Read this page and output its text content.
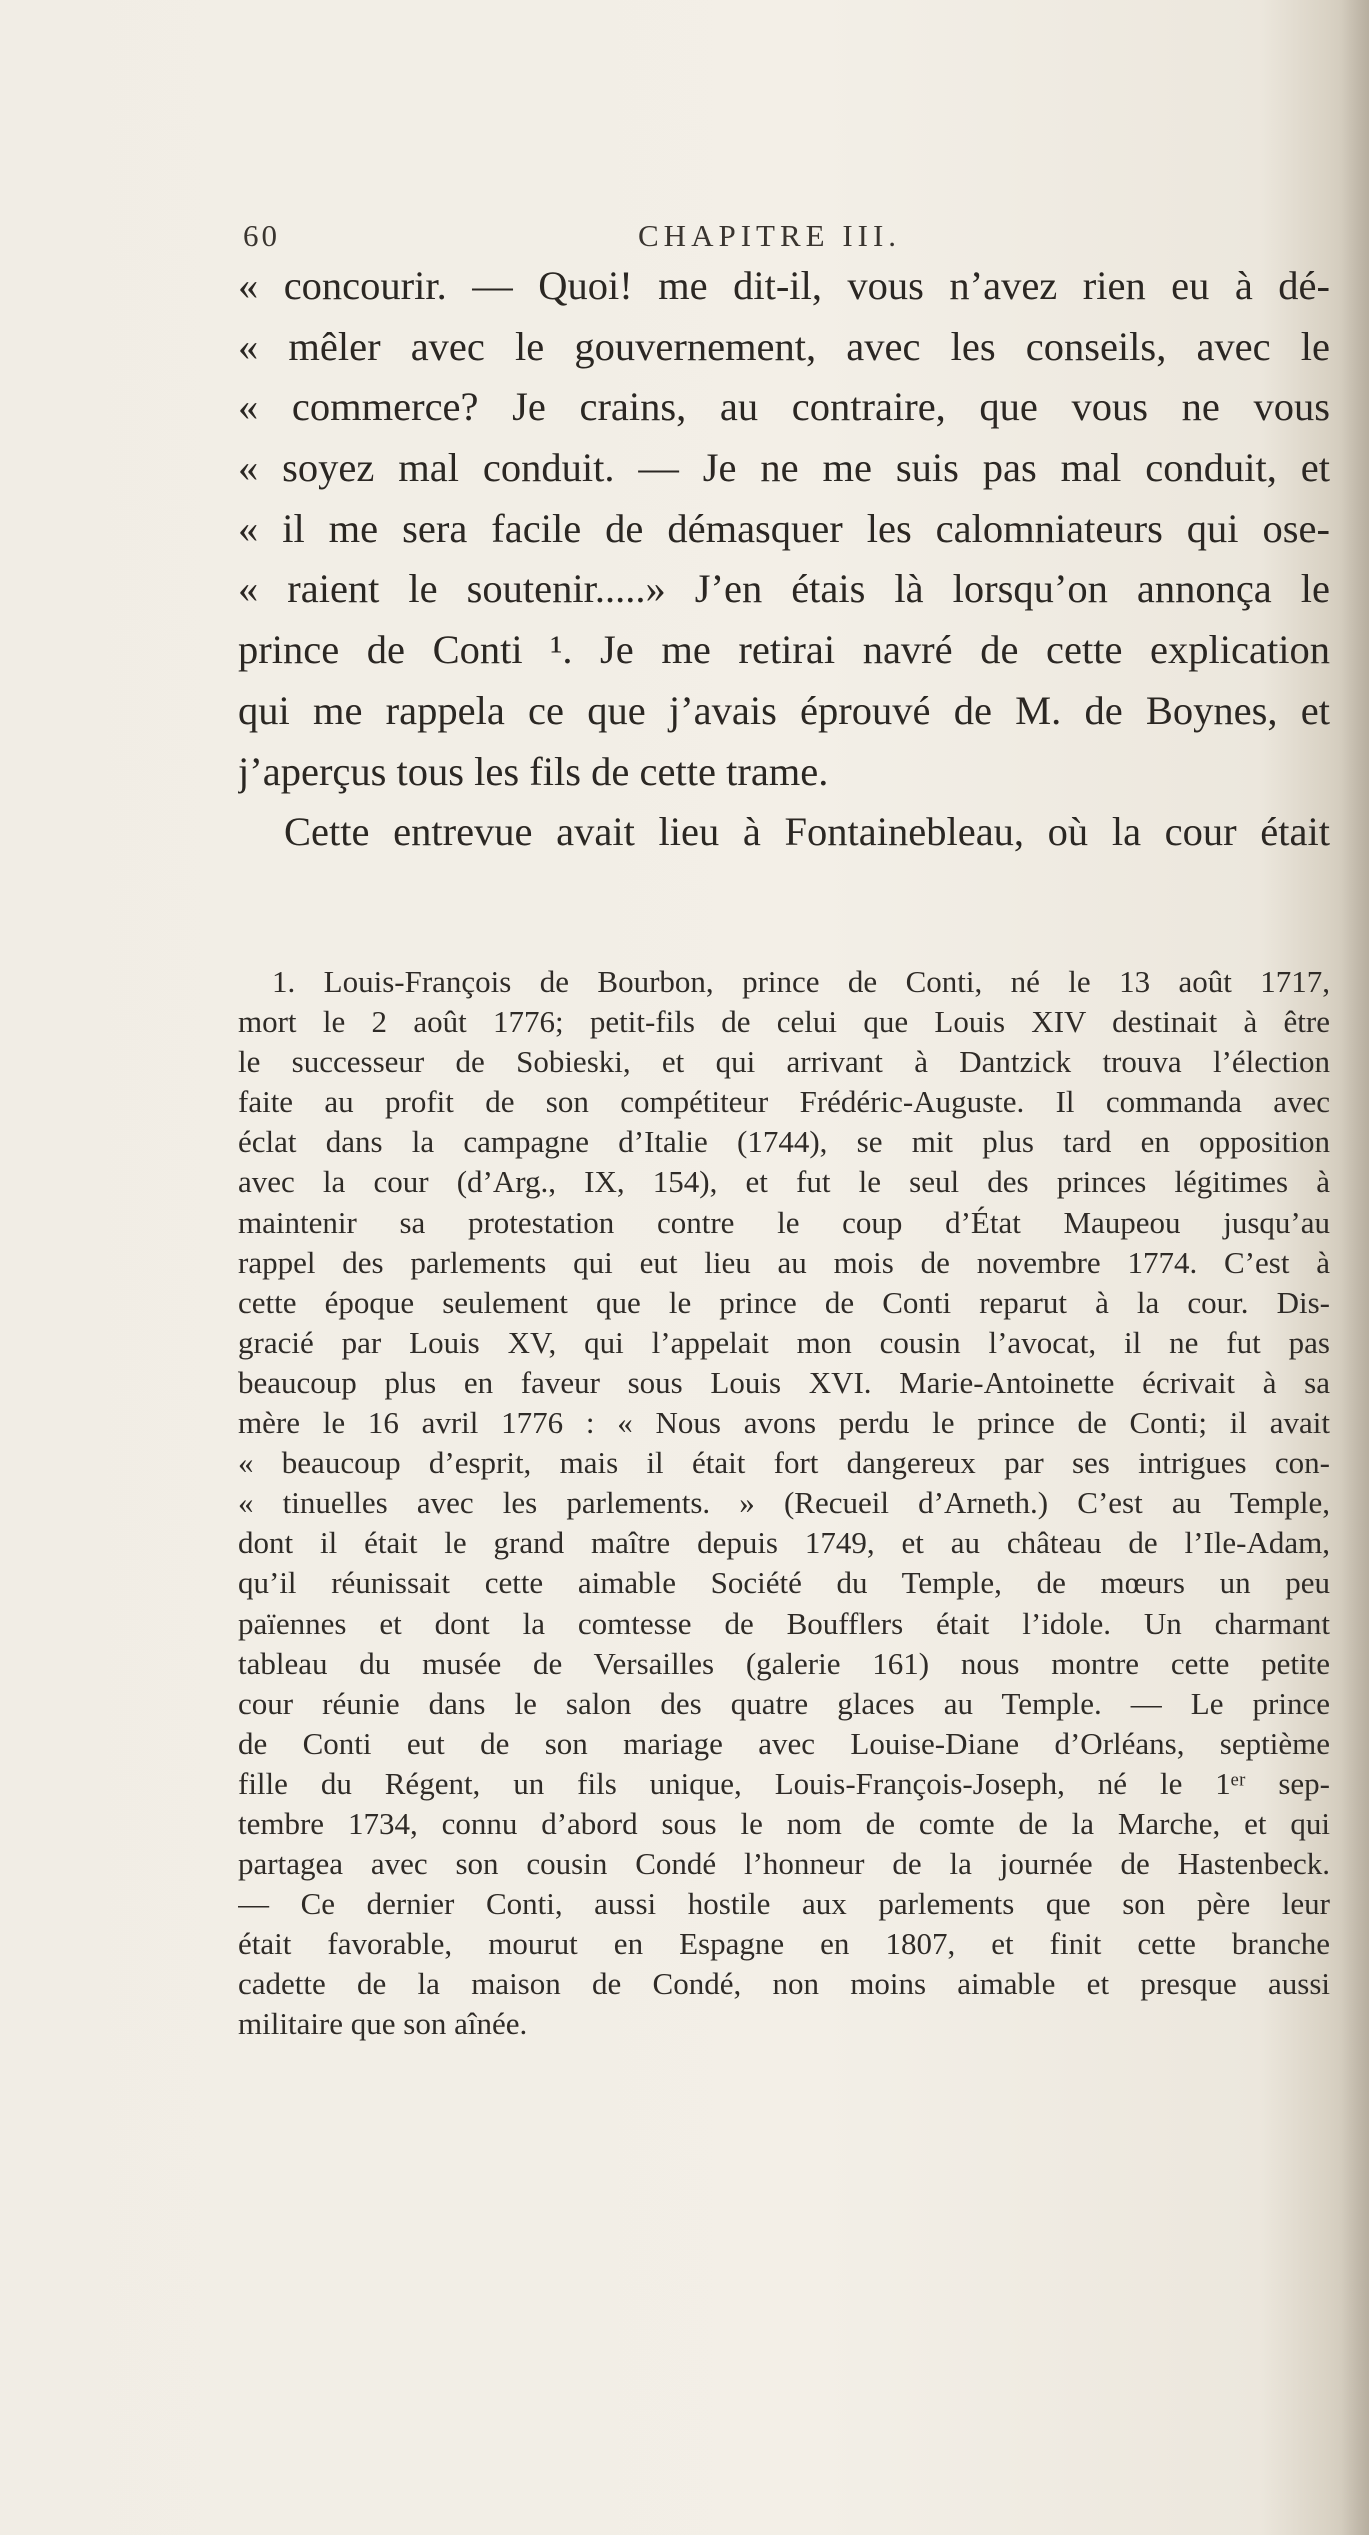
60	CHAPITRE III.
« concourir. — Quoi! me dit-il, vous n’avez rien eu à dé-
« mêler avec le gouvernement, avec les conseils, avec le
« commerce? Je crains, au contraire, que vous ne vous
« soyez mal conduit. — Je ne me suis pas mal conduit, et
« il me sera facile de démasquer les calomniateurs qui ose-
« raient le soutenir.....» J’en étais là lorsqu’on annonça le
prince de Conti ¹. Je me retirai navré de cette explication
qui me rappela ce que j’avais éprouvé de M. de Boynes, et
j’aperçus tous les fils de cette trame.
Cette entrevue avait lieu à Fontainebleau, où la cour était
1. Louis-François de Bourbon, prince de Conti, né le 13 août 1717,
mort le 2 août 1776; petit-fils de celui que Louis XIV destinait à être
le successeur de Sobieski, et qui arrivant à Dantzick trouva l’élection
faite au profit de son compétiteur Frédéric-Auguste. Il commanda avec
éclat dans la campagne d’Italie (1744), se mit plus tard en opposition
avec la cour (d’Arg., IX, 154), et fut le seul des princes légitimes à
maintenir sa protestation contre le coup d’État Maupeou jusqu’au
rappel des parlements qui eut lieu au mois de novembre 1774. C’est à
cette époque seulement que le prince de Conti reparut à la cour. Dis-
gracié par Louis XV, qui l’appelait mon cousin l’avocat, il ne fut pas
beaucoup plus en faveur sous Louis XVI. Marie-Antoinette écrivait à sa
mère le 16 avril 1776 : « Nous avons perdu le prince de Conti; il avait
« beaucoup d’esprit, mais il était fort dangereux par ses intrigues con-
« tinuelles avec les parlements. » (Recueil d’Arneth.) C’est au Temple,
dont il était le grand maître depuis 1749, et au château de l’Ile-Adam,
qu’il réunissait cette aimable Société du Temple, de mœurs un peu
païennes et dont la comtesse de Boufflers était l’idole. Un charmant
tableau du musée de Versailles (galerie 161) nous montre cette petite
cour réunie dans le salon des quatre glaces au Temple. — Le prince
de Conti eut de son mariage avec Louise-Diane d’Orléans, septième
fille du Régent, un fils unique, Louis-François-Joseph, né le 1ᵉʳ sep-
tembre 1734, connu d’abord sous le nom de comte de la Marche, et qui
partagea avec son cousin Condé l’honneur de la journée de Hastenbeck.
— Ce dernier Conti, aussi hostile aux parlements que son père leur
était favorable, mourut en Espagne en 1807, et finit cette branche
cadette de la maison de Condé, non moins aimable et presque aussi
militaire que son aînée.
